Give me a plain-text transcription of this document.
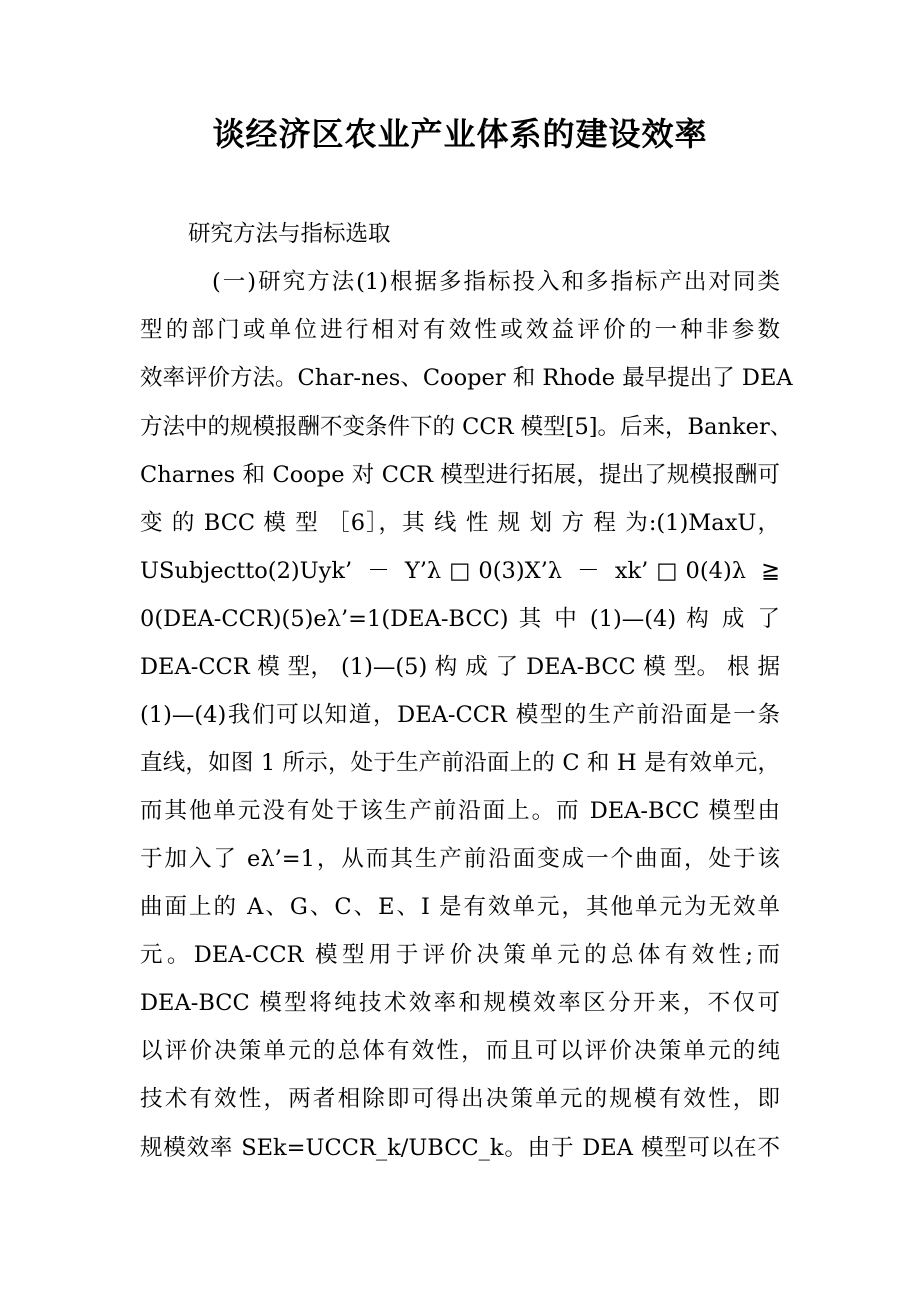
谈经济区农业产业体系的建设效率
研究方法与指标选取
(一)研究方法(1)根据多指标投入和多指标产出对同类
型的部门或单位进行相对有效性或效益评价的一种非参数
效率评价方法。Char-nes、Cooper 和 Rhode 最早提出了 DEA
方法中的规模报酬不变条件下的 CCR 模型[5]。后来，Banker、
Charnes 和 Coope 对 CCR 模型进行拓展，提出了规模报酬可
变 的 BCC 模 型 ［6］，其 线 性 规 划 方 程 为:(1)MaxU，
USubjectto(2)Uyk’ － Y’λ□0(3)X’λ － xk’□0(4)λ ≧
0(DEA-CCR)(5)eλ’=1(DEA-BCC) 其 中 (1)—(4) 构 成 了
DEA-CCR 模 型， (1)—(5) 构 成 了 DEA-BCC 模 型。 根 据
(1)—(4)我们可以知道，DEA-CCR 模型的生产前沿面是一条
直线，如图 1 所示，处于生产前沿面上的 C 和 H 是有效单元，
而其他单元没有处于该生产前沿面上。而 DEA-BCC 模型由
于加入了 eλ’=1，从而其生产前沿面变成一个曲面，处于该
曲面上的 A、G、C、E、I 是有效单元，其他单元为无效单
元。DEA-CCR 模型用于评价决策单元的总体有效性;而
DEA-BCC 模型将纯技术效率和规模效率区分开来，不仅可
以评价决策单元的总体有效性，而且可以评价决策单元的纯
技术有效性，两者相除即可得出决策单元的规模有效性，即
规模效率 SEk=UCCR_k/UBCC_k。由于 DEA 模型可以在不
